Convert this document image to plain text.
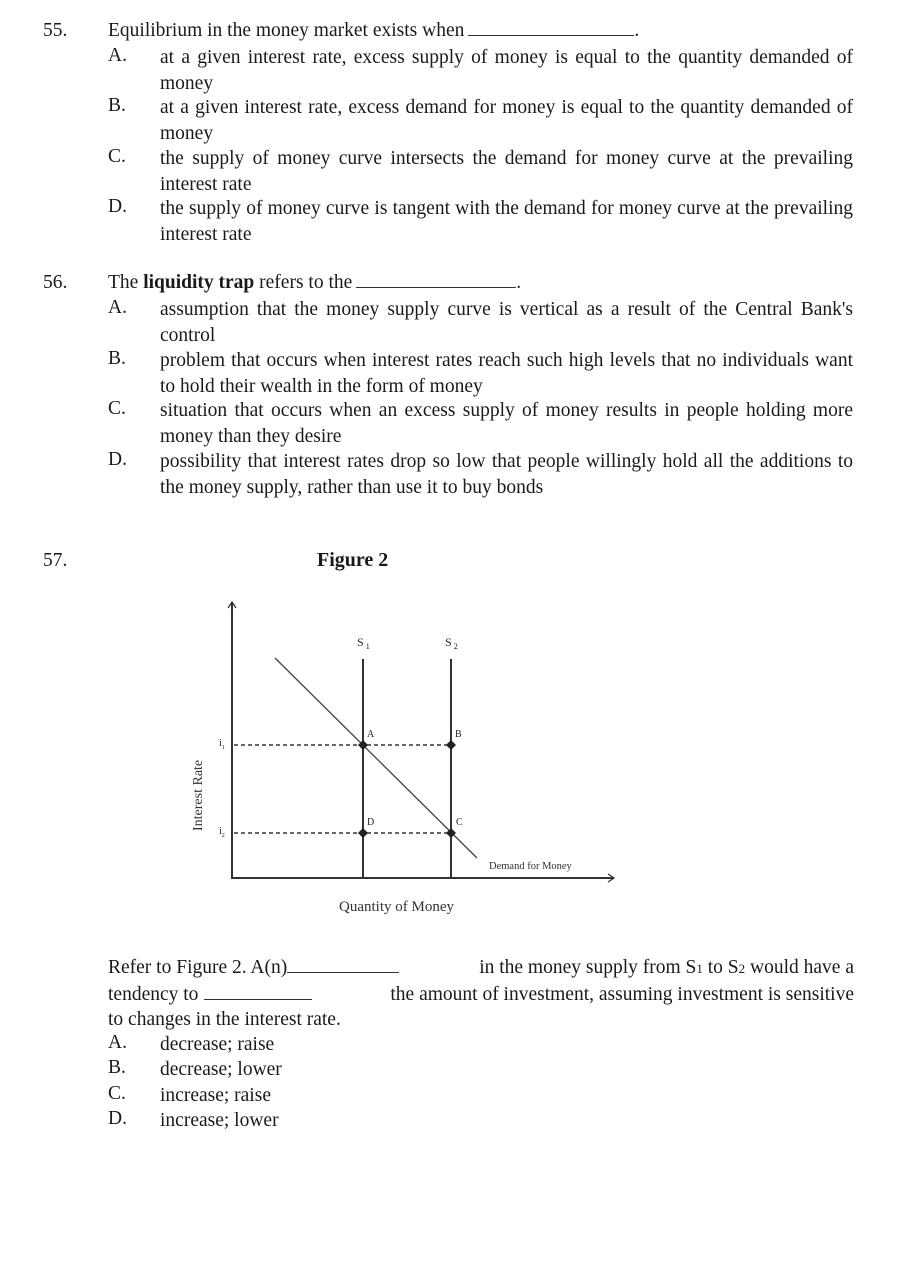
55. Equilibrium in the money market exists when	.
A. at a given interest rate, excess supply of money is equal to the quantity demanded of money
B. at a given interest rate, excess demand for money is equal to the quantity demanded of money
C. the supply of money curve intersects the demand for money curve at the prevailing interest rate
D. the supply of money curve is tangent with the demand for money curve at the prevailing interest rate
56. The liquidity trap refers to the	.
A. assumption that the money supply curve is vertical as a result of the Central Bank's control
B. problem that occurs when interest rates reach such high levels that no individuals want to hold their wealth in the form of money
C. situation that occurs when an excess supply of money results in people holding more money than they desire
D. possibility that interest rates drop so low that people willingly hold all the additions to the money supply, rather than use it to buy bonds
57.	Figure 2
S $_1$	S $_2$
A	B
C
D
$i_1$
$i_2$
Interest Rate
Quantity of Money
Demand for Money
Refer to Figure 2. A(n)	in the money supply from S1 to S2 would have a
tendency to	the amount of investment, assuming investment is sensitive
to changes in the interest rate.
A. decrease; raise
B. decrease; lower
C. increase; raise
D. increase; lower
